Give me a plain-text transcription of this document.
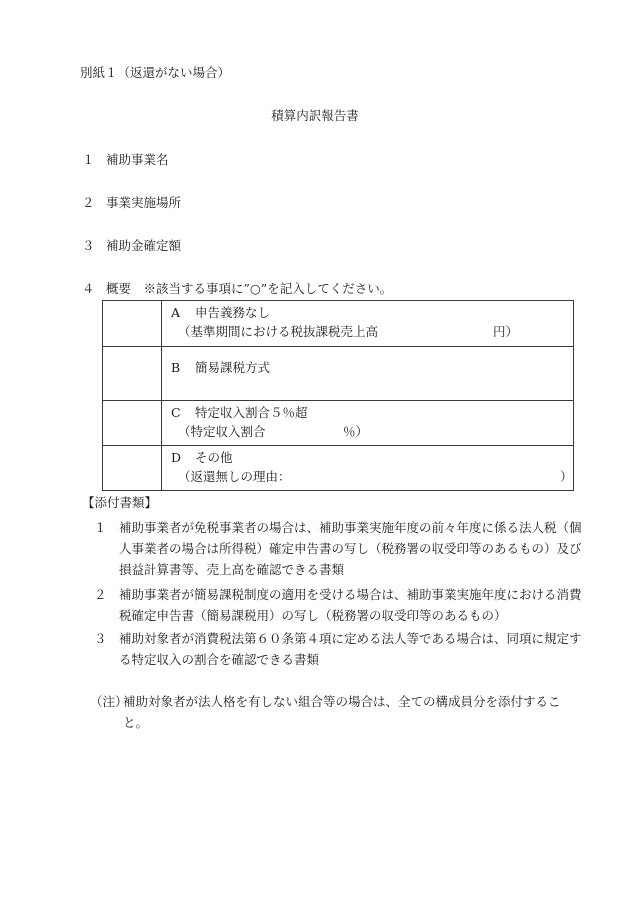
別紙１（返還がない場合）
積算内訳報告書
１ 補助事業名
２ 事業実施場所
３ 補助金確定額
４ 概要　※該当する事項に”○”を記入してください。

	A 申告義務なし
（基準期間における税抜課税売上高 円）

	B 簡易課税方式

	C 特定収入割合５％超
（特定収入割合 ％）

	D その他
（返還無しの理由： ）
【添付書類】
１ 補助事業者が免税事業者の場合は、補助事業実施年度の前々年度に係る法人税（個人事業者の場合は所得税）確定申告書の写し（税務署の収受印等のあるもの）及び損益計算書等、売上高を確認できる書類
２ 補助事業者が簡易課税制度の適用を受ける場合は、補助事業実施年度における消費税確定申告書（簡易課税用）の写し（税務署の収受印等のあるもの）
３ 補助対象者が消費税法第６０条第４項に定める法人等である場合は、同項に規定する特定収入の割合を確認できる書類
（注）
補助対象者が法人格を有しない組合等の場合は、全ての構成員分を添付すること。
